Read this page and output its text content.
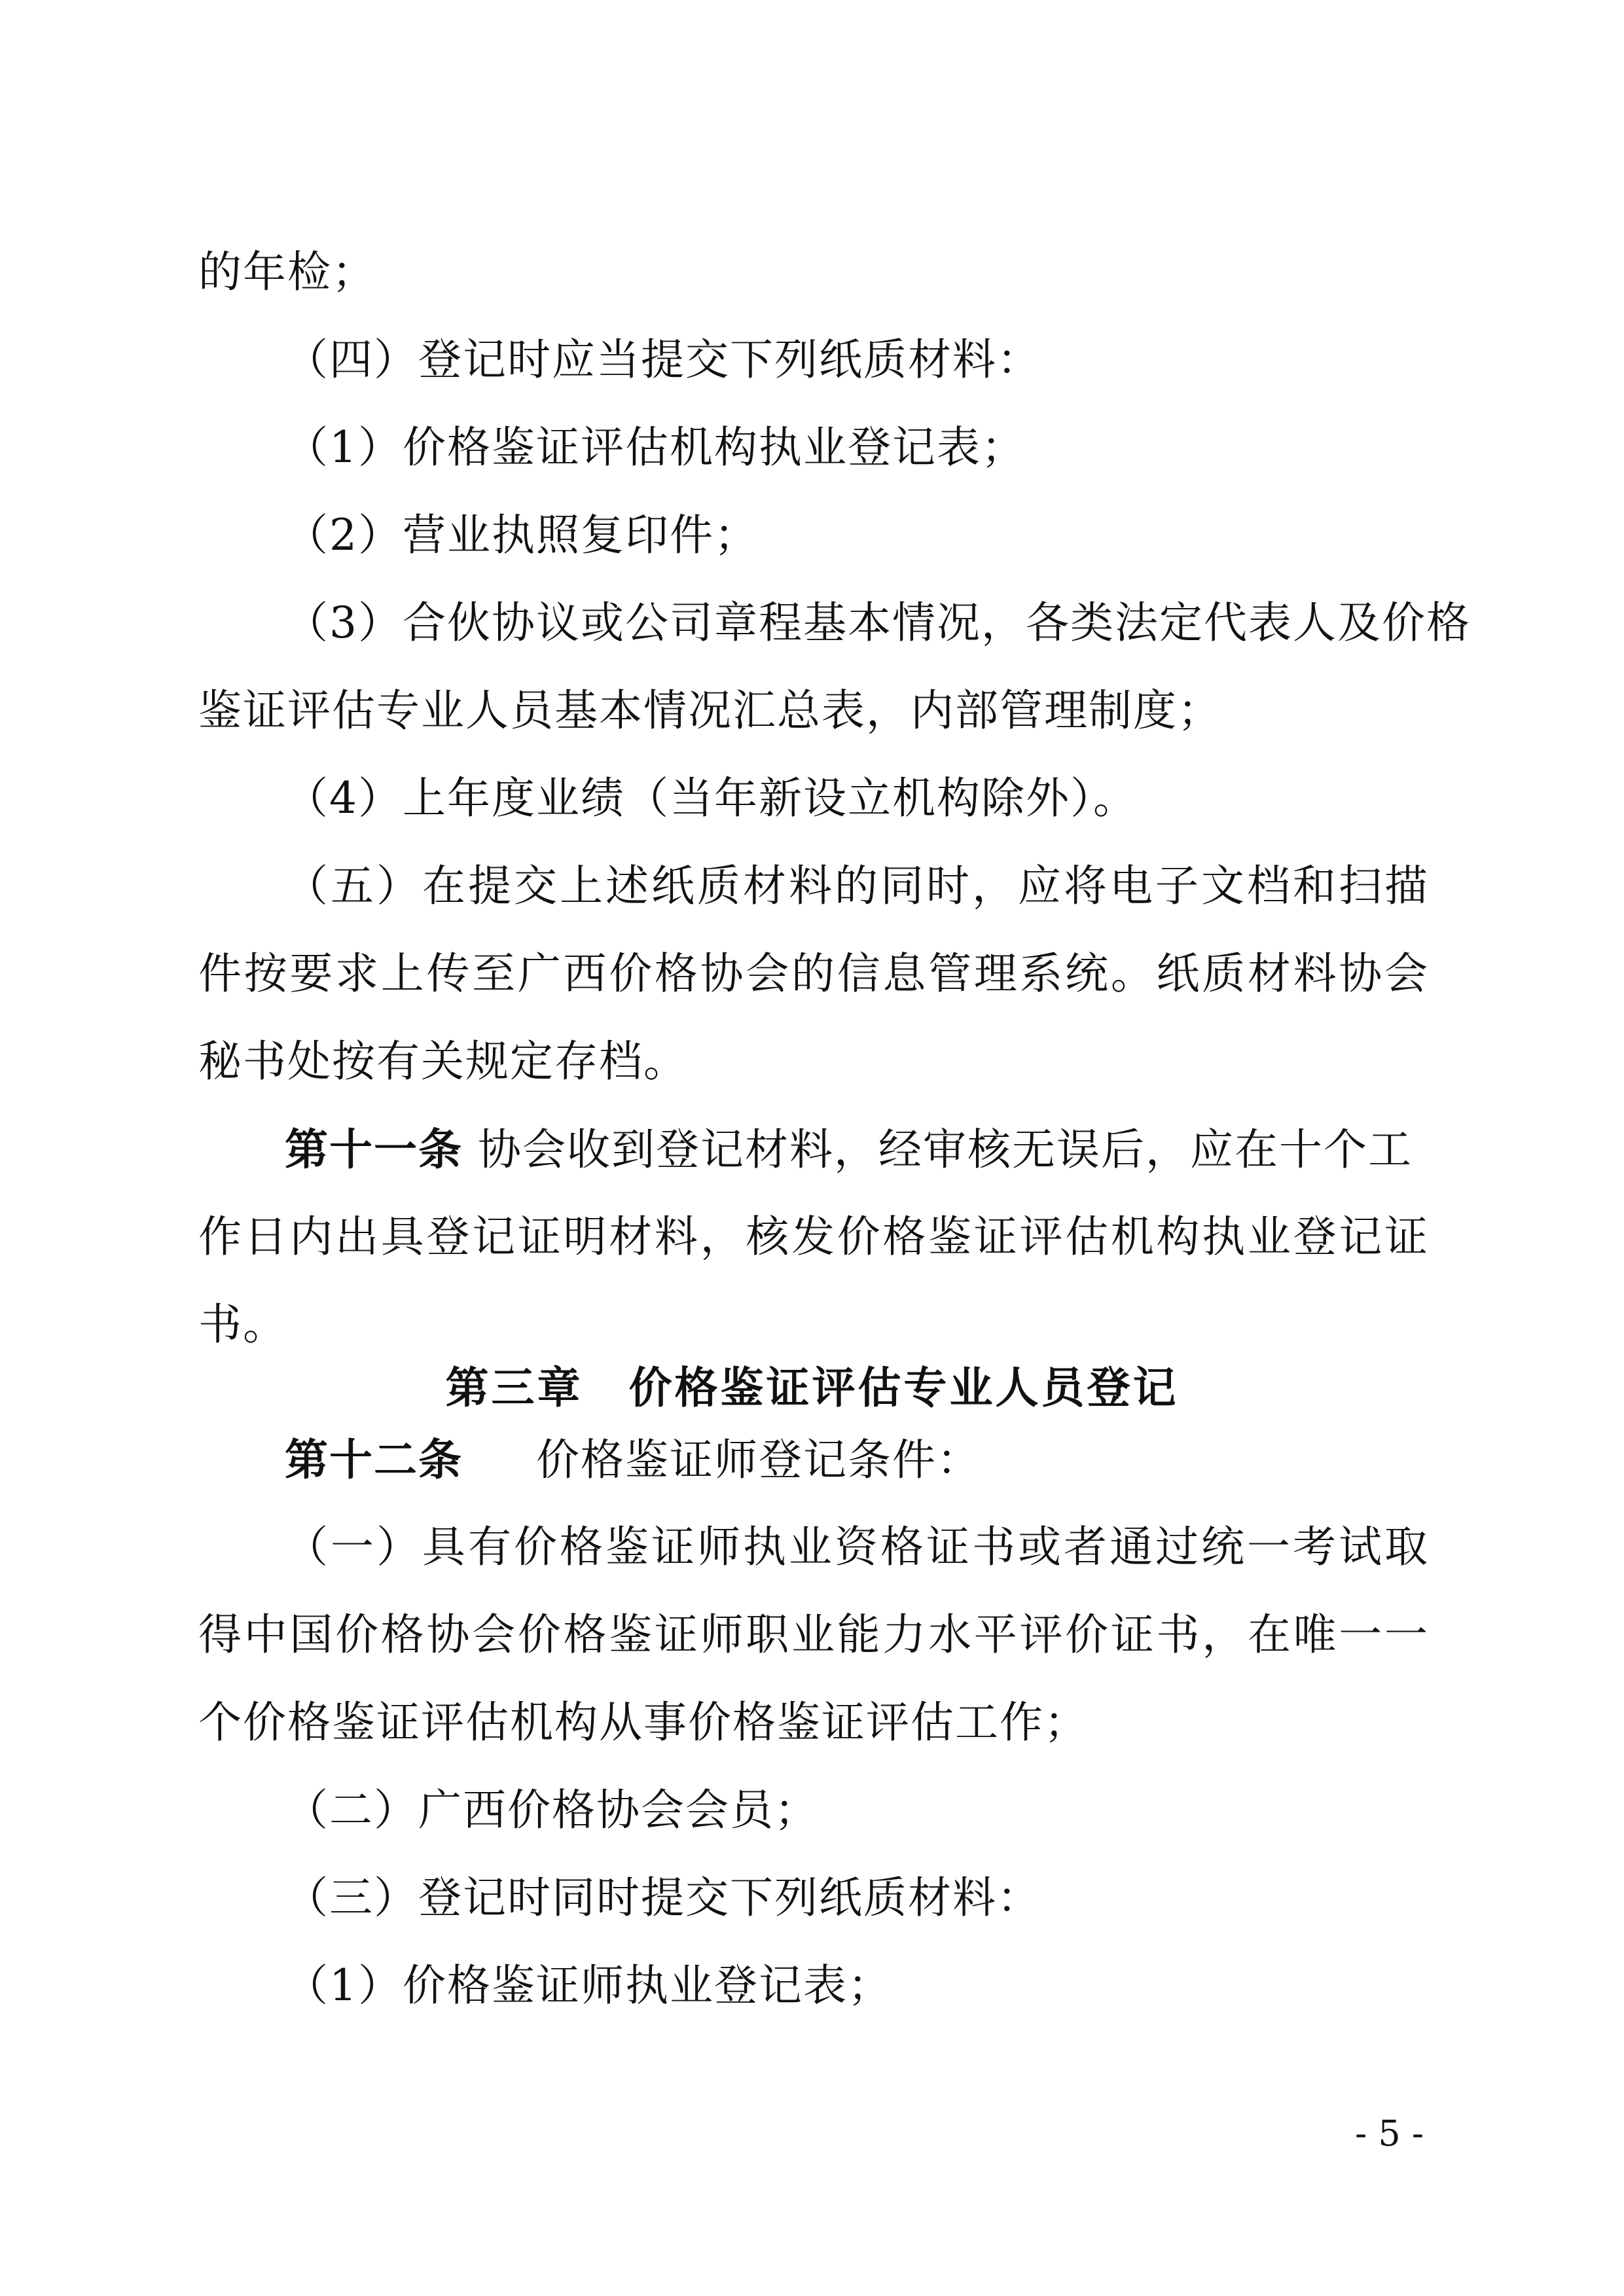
的年检；
（四）登记时应当提交下列纸质材料：
（1）价格鉴证评估机构执业登记表；
（2）营业执照复印件；
（3）合伙协议或公司章程基本情况，各类法定代表人及价格
鉴证评估专业人员基本情况汇总表，内部管理制度；
（4）上年度业绩（当年新设立机构除外）。
（五）在提交上述纸质材料的同时，应将电子文档和扫描
件按要求上传至广西价格协会的信息管理系统。纸质材料协会
秘书处按有关规定存档。
第十一条 协会收到登记材料，经审核无误后，应在十个工
作日内出具登记证明材料，核发价格鉴证评估机构执业登记证
书。
第三章　价格鉴证评估专业人员登记
第十二条 价格鉴证师登记条件：
（一）具有价格鉴证师执业资格证书或者通过统一考试取
得中国价格协会价格鉴证师职业能力水平评价证书，在唯一一
个价格鉴证评估机构从事价格鉴证评估工作；
（二）广西价格协会会员；
（三）登记时同时提交下列纸质材料：
（1）价格鉴证师执业登记表；
- 5 -
